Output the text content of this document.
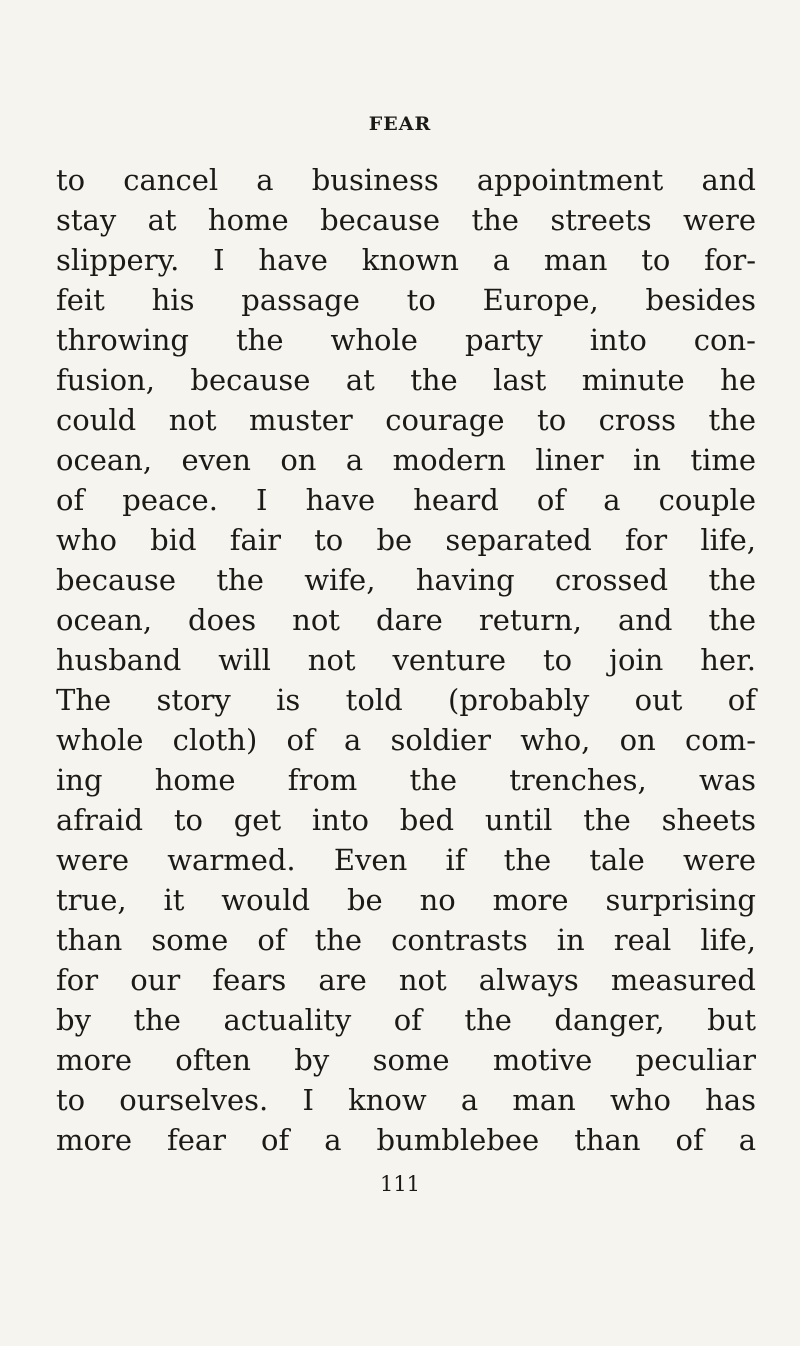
FEAR
to cancel a business appointment and
stay at home because the streets were
slippery. I have known a man to for-
feit his passage to Europe, besides
throwing the whole party into con-
fusion, because at the last minute he
could not muster courage to cross the
ocean, even on a modern liner in time
of peace. I have heard of a couple
who bid fair to be separated for life,
because the wife, having crossed the
ocean, does not dare return, and the
husband will not venture to join her.
The story is told (probably out of
whole cloth) of a soldier who, on com-
ing home from the trenches, was
afraid to get into bed until the sheets
were warmed. Even if the tale were
true, it would be no more surprising
than some of the contrasts in real life,
for our fears are not always measured
by the actuality of the danger, but
more often by some motive peculiar
to ourselves. I know a man who has
more fear of a bumblebee than of a
111
